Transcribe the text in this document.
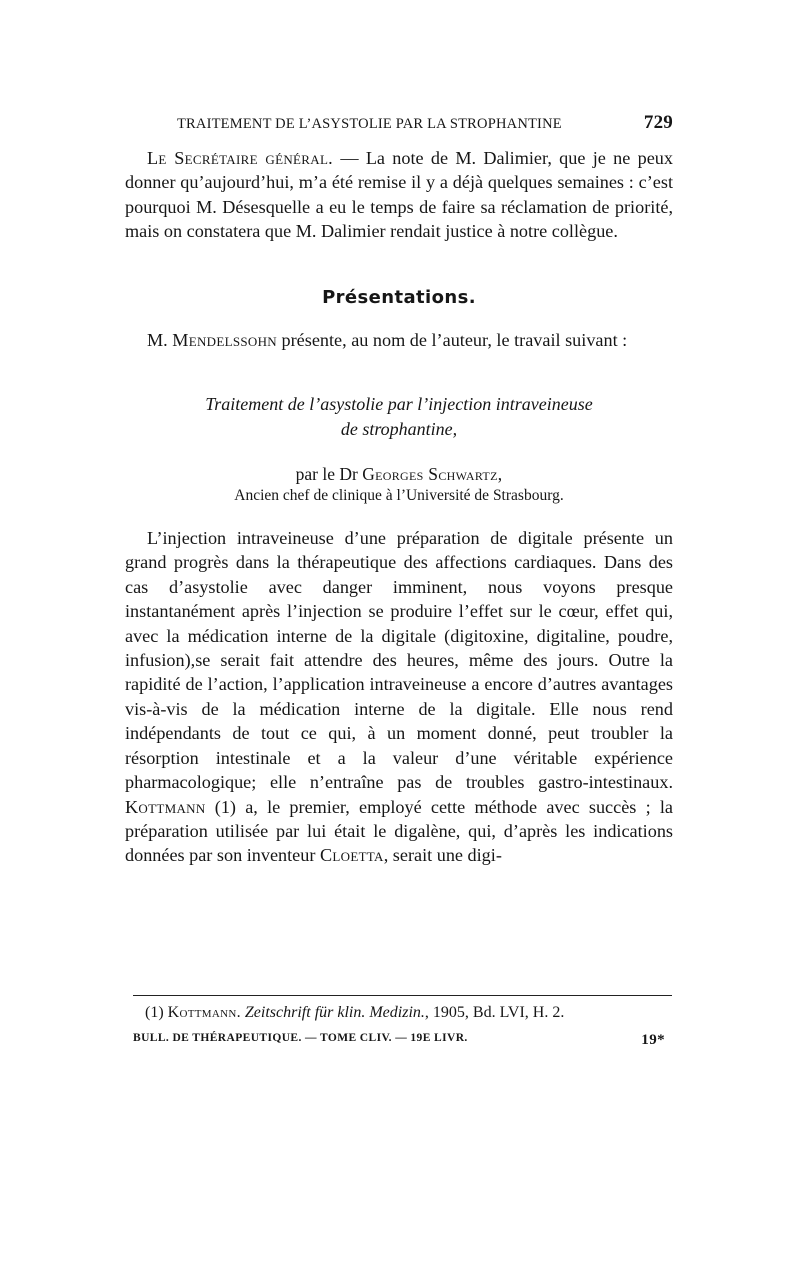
TRAITEMENT DE L’ASYSTOLIE PAR LA STROPHANTINE	729

Le Secrétaire général. — La note de M. Dalimier, que je ne peux donner qu’aujourd’hui, m’a été remise il y a déjà quelques semaines : c’est pourquoi M. Désesquelle a eu le temps de faire sa réclamation de priorité, mais on constatera que M. Dalimier rendait justice à notre collègue.

Présentations.

M. Mendelssohn présente, au nom de l’auteur, le travail suivant :

Traitement de l’asystolie par l’injection intraveineuse
de strophantine,
par le Dr Georges Schwartz,
Ancien chef de clinique à l’Université de Strasbourg.

L’injection intraveineuse d’une préparation de digitale présente un grand progrès dans la thérapeutique des affections cardiaques. Dans des cas d’asystolie avec danger imminent, nous voyons presque instantanément après l’injection se produire l’effet sur le cœur, effet qui, avec la médication interne de la digitale (digitoxine, digitaline, poudre, infusion),se serait fait attendre des heures, même des jours. Outre la rapidité de l’action, l’application intraveineuse a encore d’autres avantages vis-à-vis de la médication interne de la digitale. Elle nous rend indépendants de tout ce qui, à un moment donné, peut troubler la résorption intestinale et a la valeur d’une véritable expérience pharmacologique; elle n’entraîne pas de troubles gastro-intestinaux. Kottmann (1) a, le premier, employé cette méthode avec succès ; la préparation utilisée par lui était le digalène, qui, d’après les indications données par son inventeur Cloetta, serait une digi-

(1) Kottmann. Zeitschrift für klin. Medizin., 1905, Bd. LVI, H. 2.
BULL. DE THÉRAPEUTIQUE. — TOME CLIV. — 19E LIVR.	19*
